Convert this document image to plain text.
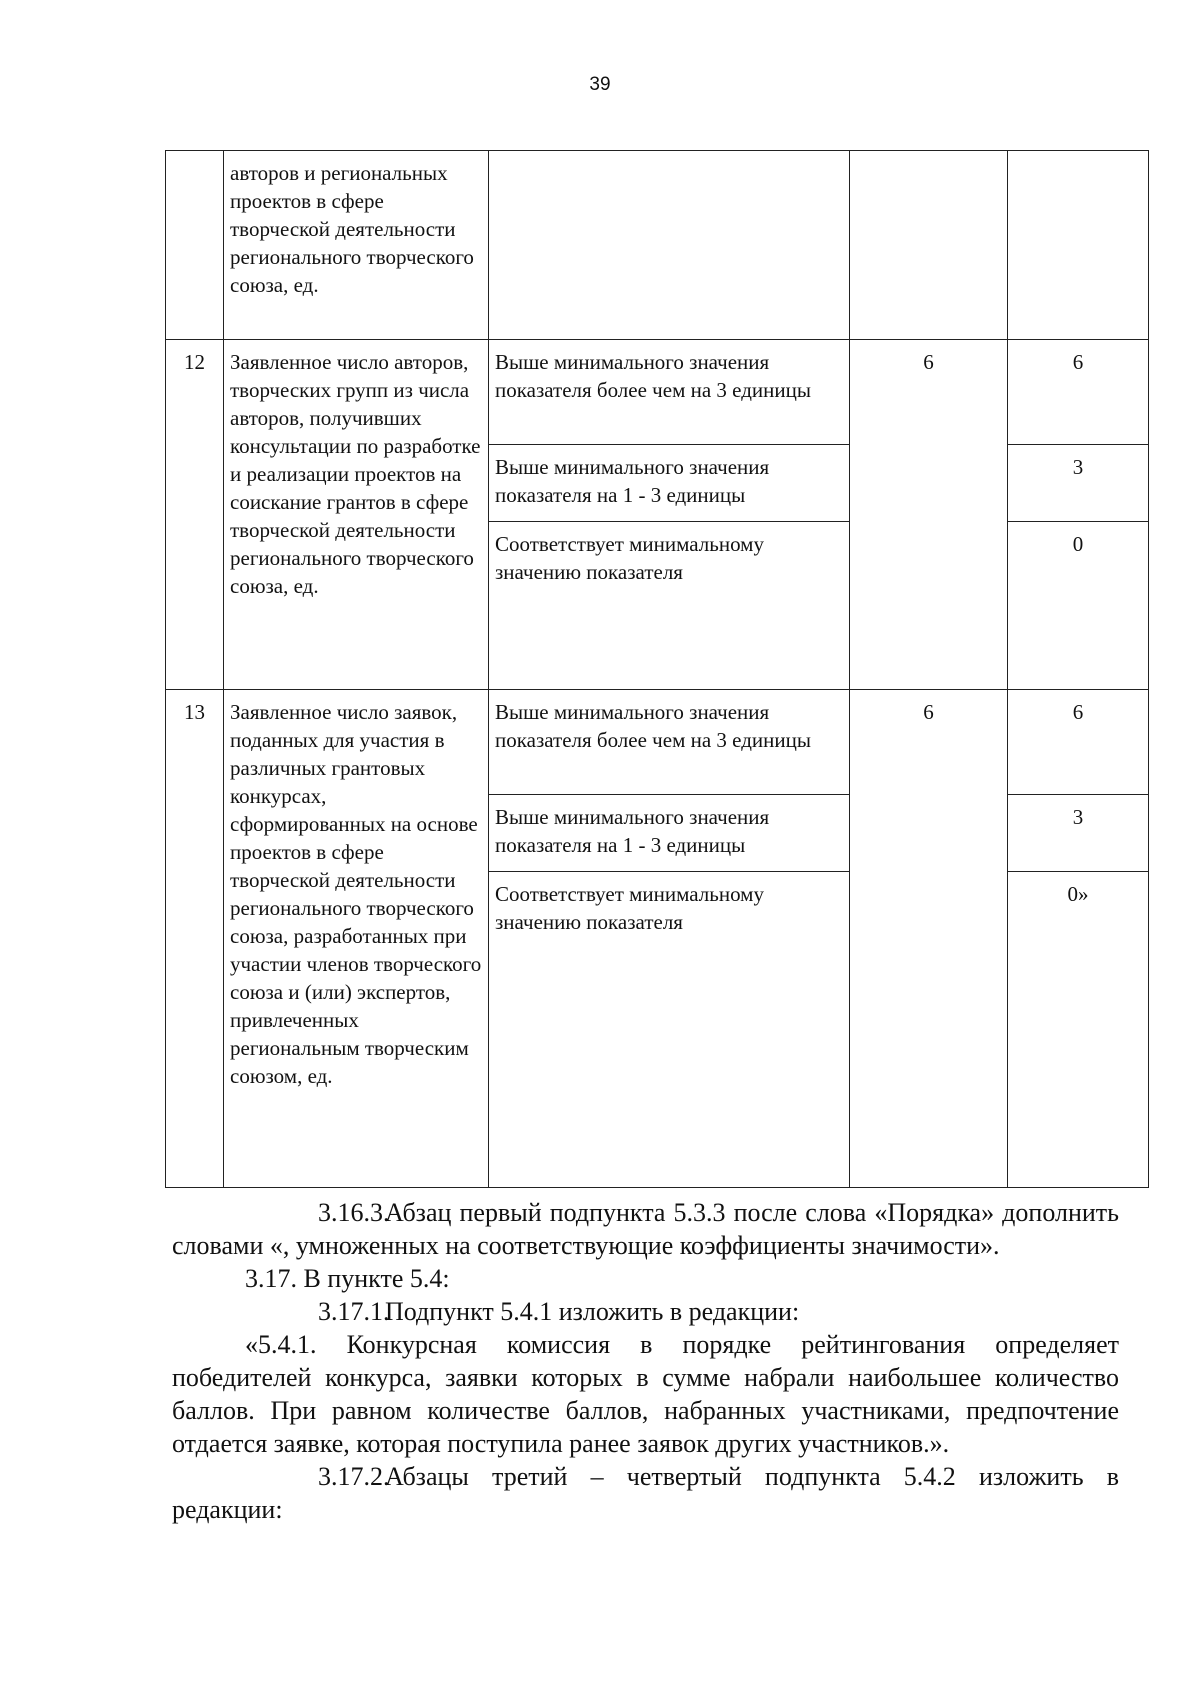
39
	авторов и региональных проектов в сфере творческой деятельности регионального творческого союза, ед.			
12	Заявленное число авторов, творческих групп из числа авторов, получивших консультации по разработке и реализации проектов на соискание грантов в сфере творческой деятельности регионального творческого союза, ед.	Выше минимального значения показателя более чем на 3 единицы	6	6
		Выше минимального значения показателя на 1 - 3 единицы		3
		Соответствует минимальному значению показателя		0
13	Заявленное число заявок, поданных для участия в различных грантовых конкурсах, сформированных на основе проектов в сфере творческой деятельности регионального творческого союза, разработанных при участии членов творческого союза и (или) экспертов, привлеченных региональным творческим союзом, ед.	Выше минимального значения показателя более чем на 3 единицы	6	6
		Выше минимального значения показателя на 1 - 3 единицы		3
		Соответствует минимальному значению показателя		0»

3.16.3.Абзац первый подпункта 5.3.3 после слова «Порядка» дополнить словами «, умноженных на соответствующие коэффициенты значимости».

3.17. В пункте 5.4:

3.17.1.Подпункт 5.4.1 изложить в редакции:

«5.4.1. Конкурсная комиссия в порядке рейтингования определяет победителей конкурса, заявки которых в сумме набрали наибольшее количество баллов. При равном количестве баллов, набранных участниками, предпочтение отдается заявке, которая поступила ранее заявок других участников.».

3.17.2.Абзацы третий – четвертый подпункта 5.4.2 изложить в редакции:
